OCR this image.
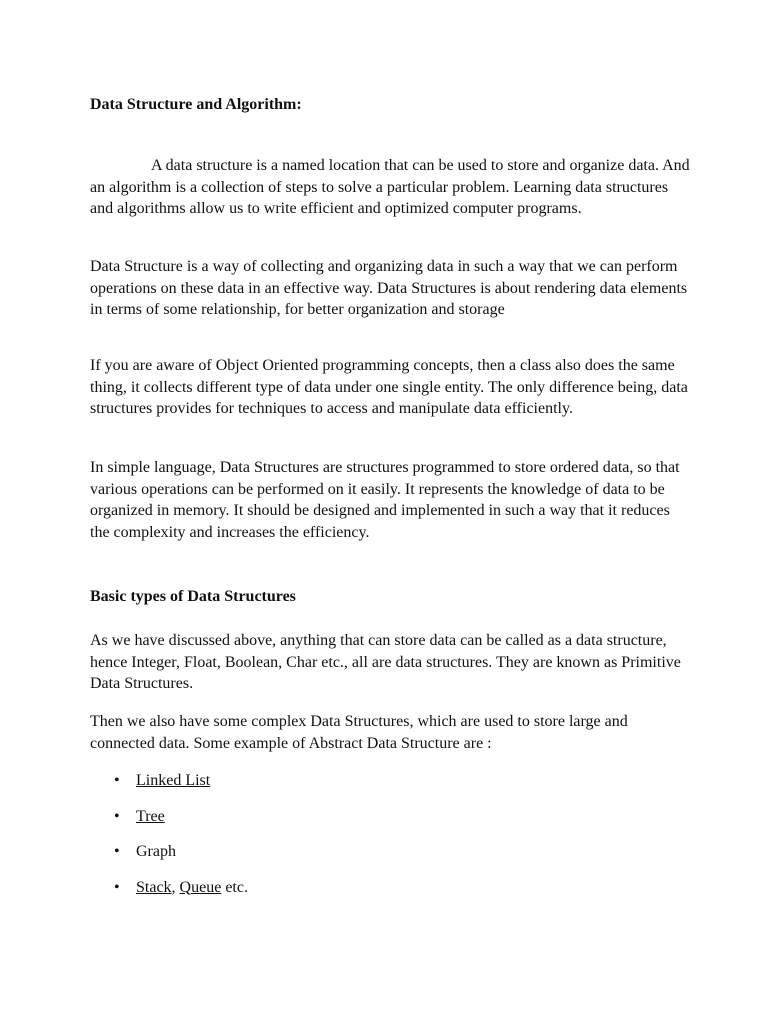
Data Structure and Algorithm:

A data structure is a named location that can be used to store and organize data. And an algorithm is a collection of steps to solve a particular problem. Learning data structures and algorithms allow us to write efficient and optimized computer programs.

Data Structure is a way of collecting and organizing data in such a way that we can perform operations on these data in an effective way. Data Structures is about rendering data elements in terms of some relationship, for better organization and storage

If you are aware of Object Oriented programming concepts, then a class also does the same thing, it collects different type of data under one single entity. The only difference being, data structures provides for techniques to access and manipulate data efficiently.

In simple language, Data Structures are structures programmed to store ordered data, so that various operations can be performed on it easily. It represents the knowledge of data to be organized in memory. It should be designed and implemented in such a way that it reduces the complexity and increases the efficiency.

Basic types of Data Structures

As we have discussed above, anything that can store data can be called as a data structure, hence Integer, Float, Boolean, Char etc., all are data structures. They are known as Primitive Data Structures.

Then we also have some complex Data Structures, which are used to store large and connected data. Some example of Abstract Data Structure are :

• Linked List
• Tree
• Graph
• Stack, Queue etc.
